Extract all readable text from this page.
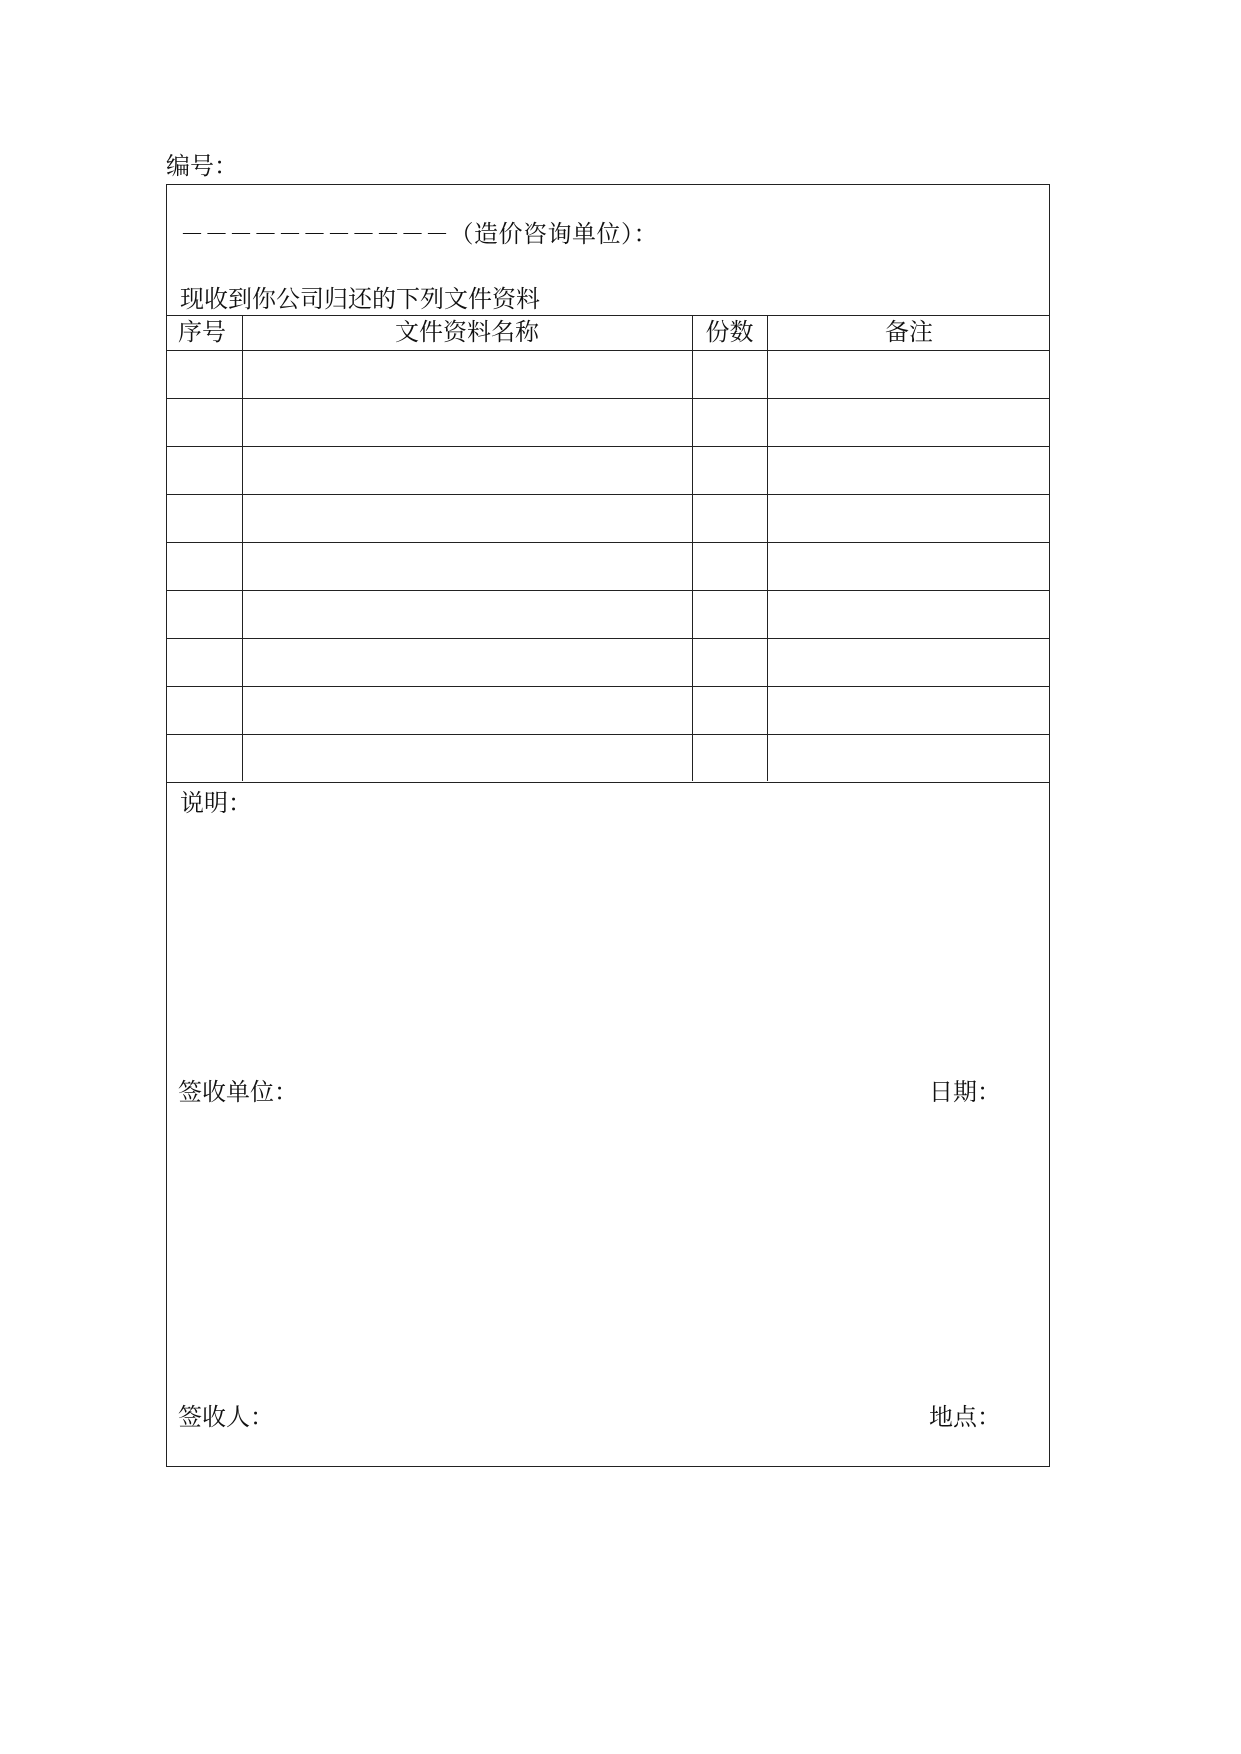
编号：
－－－－－－－－－－－（造价咨询单位）：
现收到你公司归还的下列文件资料
序号	文件资料名称	份数	备注
说明：
签收单位：	日期：
签收人：	地点：
